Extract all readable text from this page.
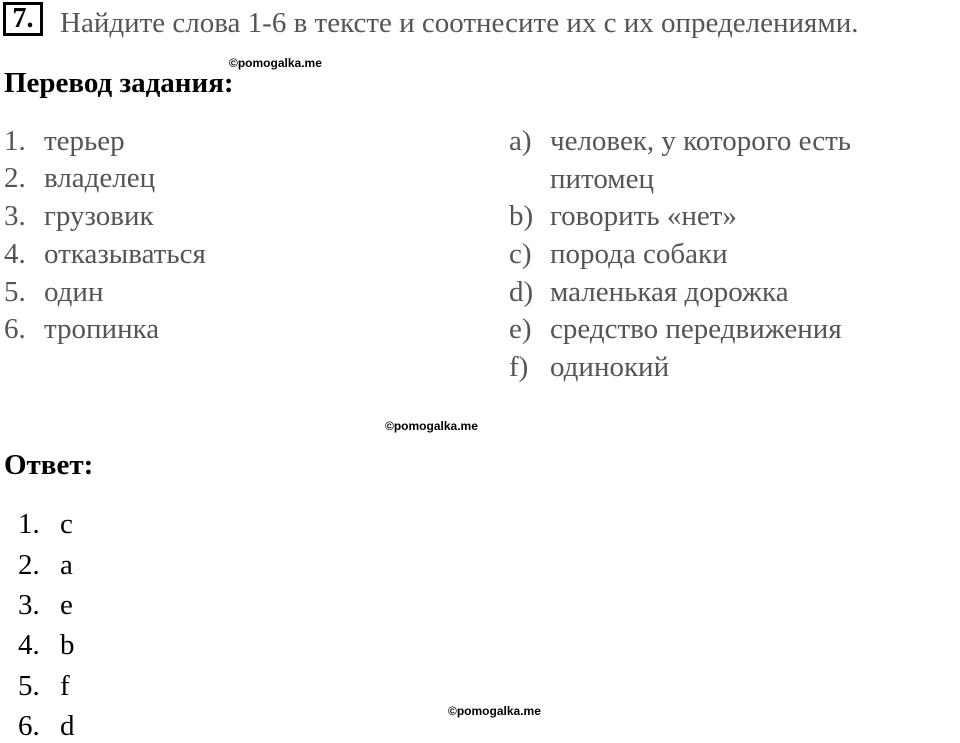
7. Найдите слова 1-6 в тексте и соотнесите их с их определениями.
©pomogalka.me
Перевод задания:
1. терьер
2. владелец
3. грузовик
4. отказываться
5. один
6. тропинка
a) человек, у которого есть
питомец
b) говорить «нет»
c) порода собаки
d) маленькая дорожка
e) средство передвижения
f) одинокий
©pomogalka.me
Ответ:
1. c
2. a
3. e
4. b
5. f
6. d	©pomogalka.me
